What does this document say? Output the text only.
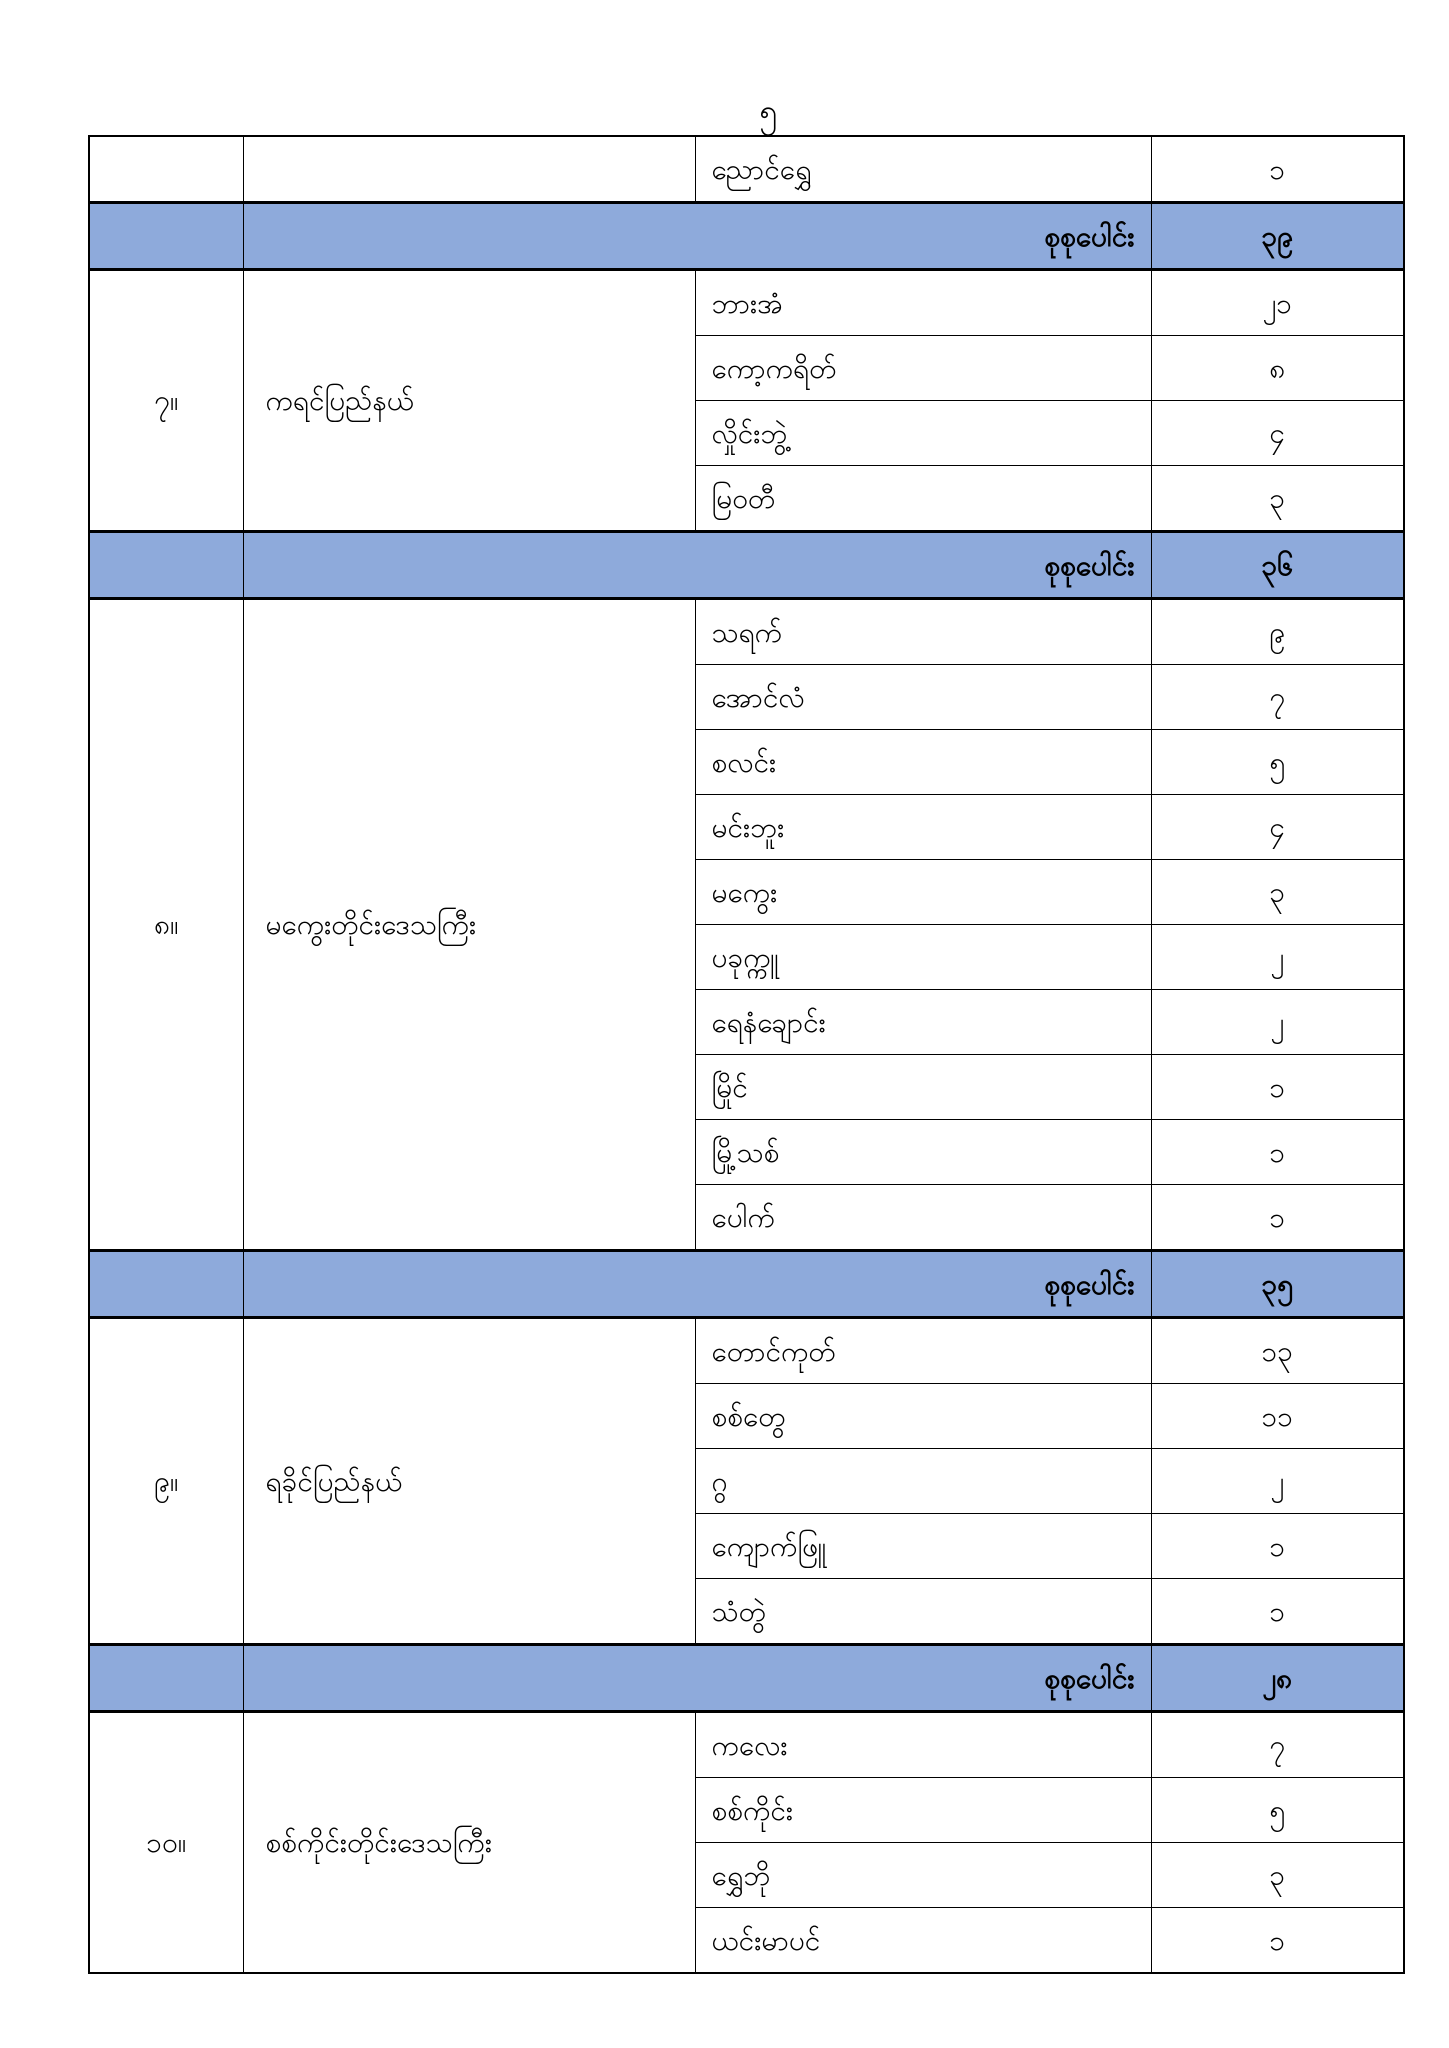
၅
		ညောင်ရွှေ	၁
	စုစုပေါင်း		၃၉
၇။	ကရင်ပြည်နယ်	ဘားအံ	၂၁
		ကော့ကရိတ်	၈
		လှိုင်းဘွဲ့	၄
		မြဝတီ	၃
	စုစုပေါင်း		၃၆
၈။	မကွေးတိုင်းဒေသကြီး	သရက်	၉
		အောင်လံ	၇
		စလင်း	၅
		မင်းဘူး	၄
		မကွေး	၃
		ပခုက္ကူ	၂
		ရေနံချောင်း	၂
		မြိုင်	၁
		မြို့သစ်	၁
		ပေါက်	၁
	စုစုပေါင်း		၃၅
၉။	ရခိုင်ပြည်နယ်	တောင်ကုတ်	၁၃
		စစ်တွေ	၁၁
		ဂွ	၂
		ကျောက်ဖြူ	၁
		သံတွဲ	၁
	စုစုပေါင်း		၂၈
၁၀။	စစ်ကိုင်းတိုင်းဒေသကြီး	ကလေး	၇
		စစ်ကိုင်း	၅
		ရွှေဘို	၃
		ယင်းမာပင်	၁
